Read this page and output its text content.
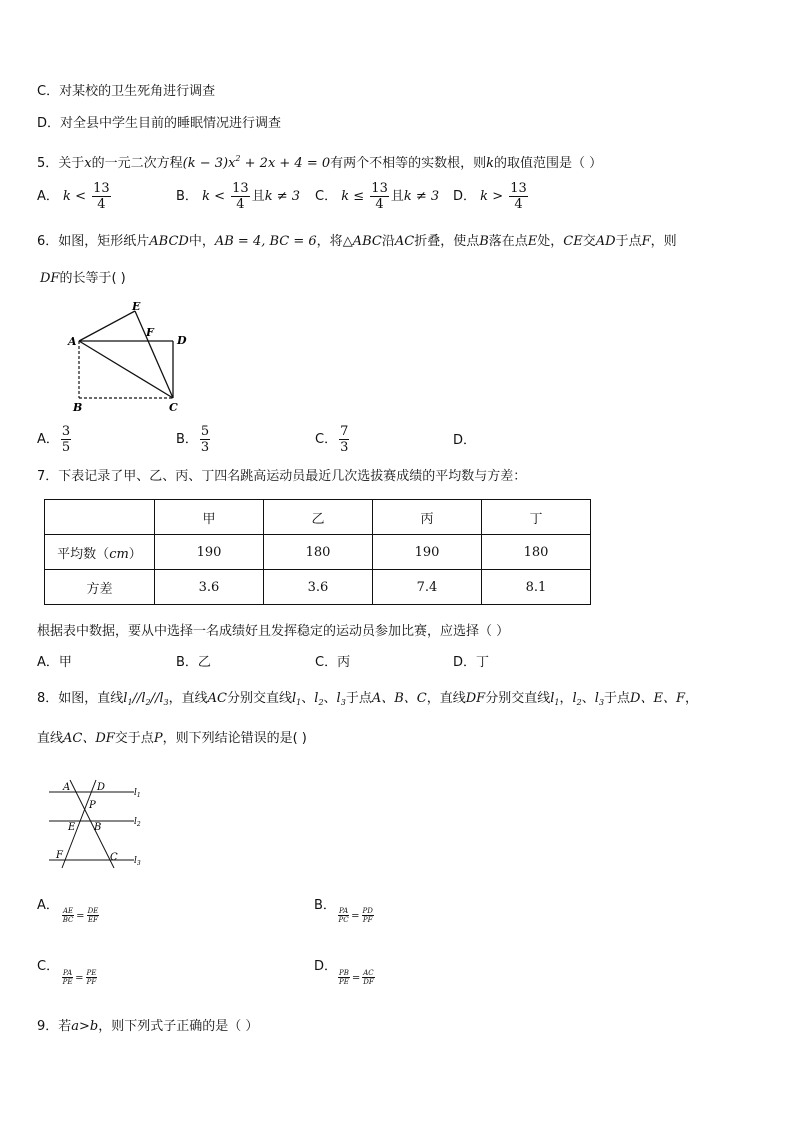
C．对某校的卫生死角进行调查
D．对全县中学生目前的睡眠情况进行调查
5．关于x的一元二次方程$(k - 3)x^2 + 2x + 4 = 0$有两个不相等的实数根，则k的取值范围是（ ）
A． $k < \frac{13}{4}$	B． $k < \frac{13}{4}$ 且k ≠ 3 C． $k \le \frac{13}{4}$ 且k ≠ 3 D． $k > \frac{13}{4}$
6．如图，矩形纸片ABCD中，AB = 4, BC = 6，将△ABC沿AC折叠，使点B落在点E处，CE交AD于点F，则
DF的长等于( )
E
F
A	D
B	C
A． $\frac{3}{5}$	B． $\frac{5}{3}$	C． $\frac{7}{3}$	D．
7．下表记录了甲、乙、丙、丁四名跳高运动员最近几次选拔赛成绩的平均数与方差：
	甲	乙	丙	丁
平均数（cm）	190	180	190	180
方差	3.6	3.6	7.4	8.1
根据表中数据，要从中选择一名成绩好且发挥稳定的运动员参加比赛，应选择（ ）
A．甲	B．乙	C．丙	D．丁
8．如图，直线$l_1//l_2//l_3$，直线AC分别交直线$l_1$、$l_2$、$l_3$于点A、B、C，直线DF分别交直线$l_1$，$l_2$、$l_3$于点D、E、F，
直线AC、DF交于点P，则下列结论错误的是( )
A	D
P
E B
F	C
$l_1$
$l_2$
$l_3$
A．
$\frac{AE}{BC} = \frac{DE}{EF}$
B．
$\frac{PA}{PC} = \frac{PD}{PF}$
C．
$\frac{PA}{PE} = \frac{PE}{PF}$
D．
$\frac{PB}{PE} = \frac{AC}{DF}$
9．若a>b，则下列式子正确的是（ ）
